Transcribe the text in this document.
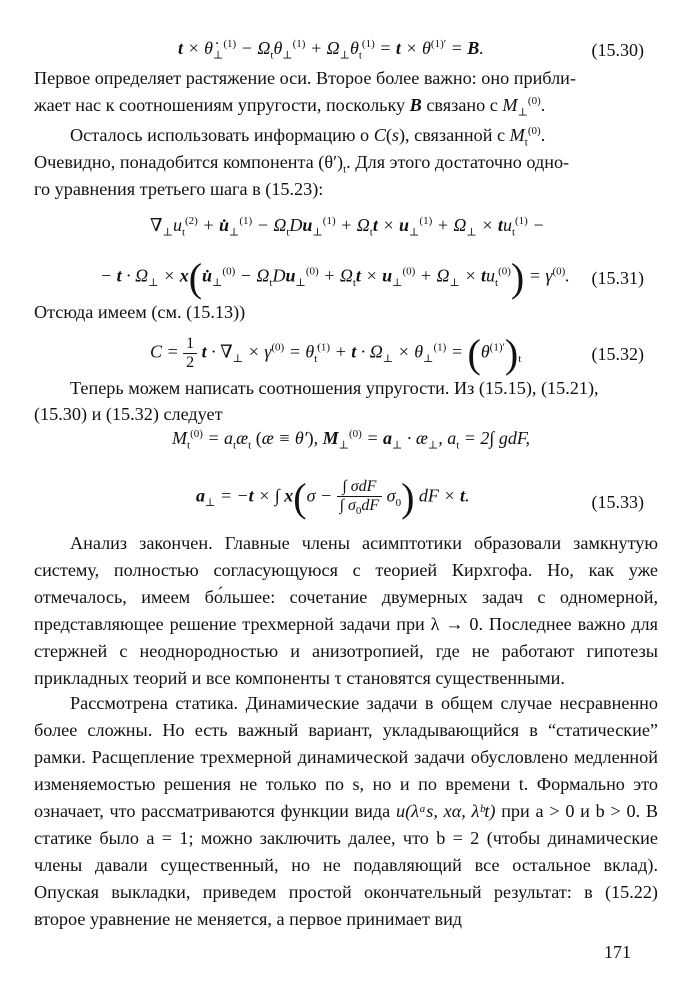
$t \times \thetȧ_\perp^{(1)} - \Omega_t\theta_\perp^{(1)} + \Omega_\perp\theta_t^{(1)} = t \times \theta^{(1)'} = B$.	(15.30)
Первое определяет растяжение оси. Второе более важно: оно прибли-
жает нас к соотношениям упругости, поскольку B связано с $M_\perp^{(0)}$.
Осталось использовать информацию о C(s), связанной с $M_t^{(0)}$.
Очевидно, понадобится компонента $(\theta')_t$. Для этого достаточно одно-
го уравнения третьего шага в (15.23):
$\nabla_\perp u_t^{(2)}$ + $u̇_\perp^{(1)} - \Omega_tDu_\perp^{(1)} + \Omega_tt \times u_\perp^{(1)} + \Omega_\perp \times tu_t^{(1)}$ −
− $t \cdot \Omega_\perp$ × $x(u̇_\perp^{(0)} - \Omega_tDu_\perp^{(0)} + \Omega_tt \times u_\perp^{(0)} + \Omega_\perp \times tu_t^{(0)}) = \gamma^{(0)}$. (15.31)
Отсюда имеем (см. (15.13))
$C = \frac{1}{2}$ $t \cdot \nabla_\perp \times \gamma^{(0)}$ = $\thetȧ_t^{(1)} + t \cdot \Omega_\perp \times \theta_\perp^{(1)} = (\theta^{(1)'})_t$	(15.32)
Теперь можем написать соотношения упругости. Из (15.15), (15.21),
(15.30) и (15.32) следует
$M_t^{(0)}$ = $a_tæ_t$ (æ ≡ θ′), $M_\perp^{(0)} = a_\perp$ · $æ_\perp$, $a_t = 2\int$ gdF,
$a_\perp = -t$ × ∫ $x(\sigma - \frac{\text{∫ σdF}}{\int \sigma_0dF} \sigma_0)$ dF × t.	(15.33)
Анализ закончен. Главные члены асимптотики образовали замкнутую систему, полностью согласующуюся с теорией Кирхгофа. Но, как уже отмечалось, имеем бо́льшее: сочетание двумерных задач с одномерной, представляющее решение трехмерной задачи при λ → 0. Последнее важно для стержней с неоднородностью и анизотропией, где не работают гипотезы прикладных теорий и все компоненты τ становятся существенными.
Рассмотрена статика. Динамические задачи в общем случае несравненно более сложны. Но есть важный вариант, укладывающийся в “статические” рамки. Расщепление трехмерной динамической задачи обусловлено медленной изменяемостью решения не только по s, но и по времени t. Формально это означает, что рассматриваются функции вида u(λᵃs, xα, λᵇt) при a > 0 и b > 0. В статике было a = 1; можно заключить далее, что b = 2 (чтобы динамические члены давали существенный, но не подавляющий все остальное вклад). Опуская выкладки, приведем простой окончательный результат: в (15.22) второе уравнение не меняется, а первое принимает вид
171
